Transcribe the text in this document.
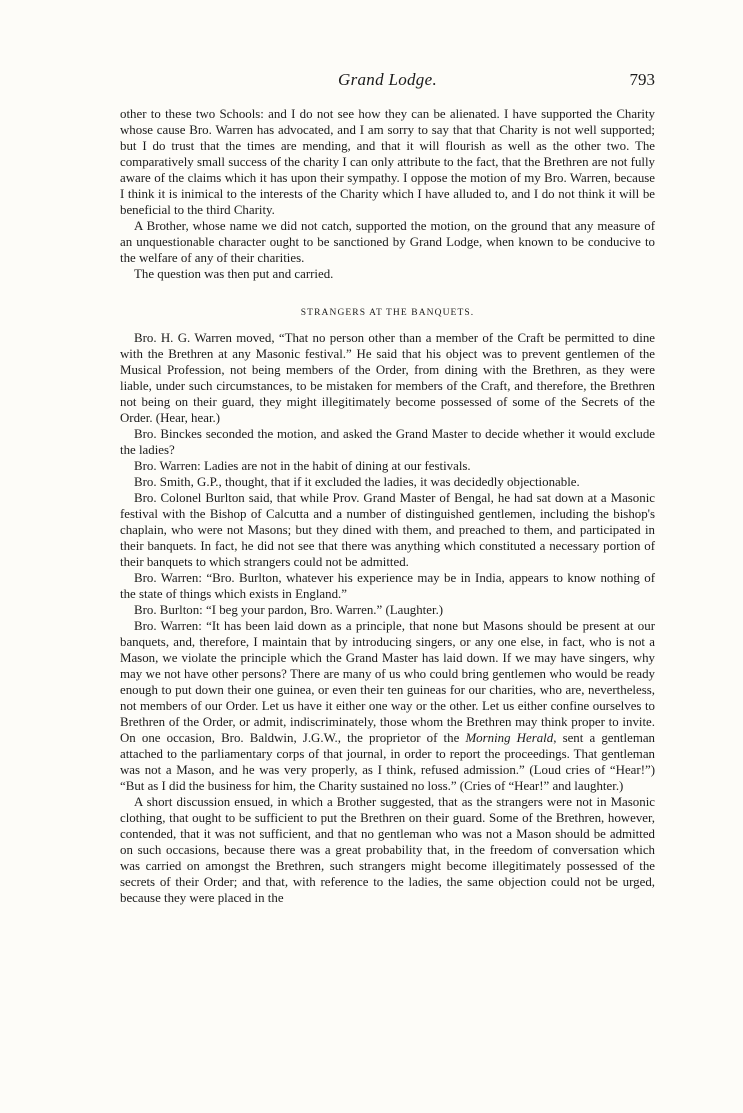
Grand Lodge.	793

other to these two Schools: and I do not see how they can be alienated. I have supported the Charity whose cause Bro. Warren has advocated, and I am sorry to say that that Charity is not well supported; but I do trust that the times are mending, and that it will flourish as well as the other two. The comparatively small success of the charity I can only attribute to the fact, that the Brethren are not fully aware of the claims which it has upon their sympathy. I oppose the motion of my Bro. Warren, because I think it is inimical to the interests of the Charity which I have alluded to, and I do not think it will be beneficial to the third Charity.

A Brother, whose name we did not catch, supported the motion, on the ground that any measure of an unquestionable character ought to be sanctioned by Grand Lodge, when known to be conducive to the welfare of any of their charities.

The question was then put and carried.

STRANGERS AT THE BANQUETS.

Bro. H. G. Warren moved, “That no person other than a member of the Craft be permitted to dine with the Brethren at any Masonic festival.” He said that his object was to prevent gentlemen of the Musical Profession, not being members of the Order, from dining with the Brethren, as they were liable, under such circumstances, to be mistaken for members of the Craft, and therefore, the Brethren not being on their guard, they might illegitimately become possessed of some of the Secrets of the Order. (Hear, hear.)

Bro. Binckes seconded the motion, and asked the Grand Master to decide whether it would exclude the ladies?

Bro. Warren: Ladies are not in the habit of dining at our festivals.

Bro. Smith, G.P., thought, that if it excluded the ladies, it was decidedly objectionable.

Bro. Colonel Burlton said, that while Prov. Grand Master of Bengal, he had sat down at a Masonic festival with the Bishop of Calcutta and a number of distinguished gentlemen, including the bishop's chaplain, who were not Masons; but they dined with them, and preached to them, and participated in their banquets. In fact, he did not see that there was anything which constituted a necessary portion of their banquets to which strangers could not be admitted.

Bro. Warren: “Bro. Burlton, whatever his experience may be in India, appears to know nothing of the state of things which exists in England.”

Bro. Burlton: “I beg your pardon, Bro. Warren.” (Laughter.)

Bro. Warren: “It has been laid down as a principle, that none but Masons should be present at our banquets, and, therefore, I maintain that by introducing singers, or any one else, in fact, who is not a Mason, we violate the principle which the Grand Master has laid down. If we may have singers, why may we not have other persons? There are many of us who could bring gentlemen who would be ready enough to put down their one guinea, or even their ten guineas for our charities, who are, nevertheless, not members of our Order. Let us have it either one way or the other. Let us either confine ourselves to Brethren of the Order, or admit, indiscriminately, those whom the Brethren may think proper to invite. On one occasion, Bro. Baldwin, J.G.W., the proprietor of the Morning Herald, sent a gentleman attached to the parliamentary corps of that journal, in order to report the proceedings. That gentleman was not a Mason, and he was very properly, as I think, refused admission.” (Loud cries of “Hear!”) “But as I did the business for him, the Charity sustained no loss.” (Cries of “Hear!” and laughter.)

A short discussion ensued, in which a Brother suggested, that as the strangers were not in Masonic clothing, that ought to be sufficient to put the Brethren on their guard. Some of the Brethren, however, contended, that it was not sufficient, and that no gentleman who was not a Mason should be admitted on such occasions, because there was a great probability that, in the freedom of conversation which was carried on amongst the Brethren, such strangers might become illegitimately possessed of the secrets of their Order; and that, with reference to the ladies, the same objection could not be urged, because they were placed in the
